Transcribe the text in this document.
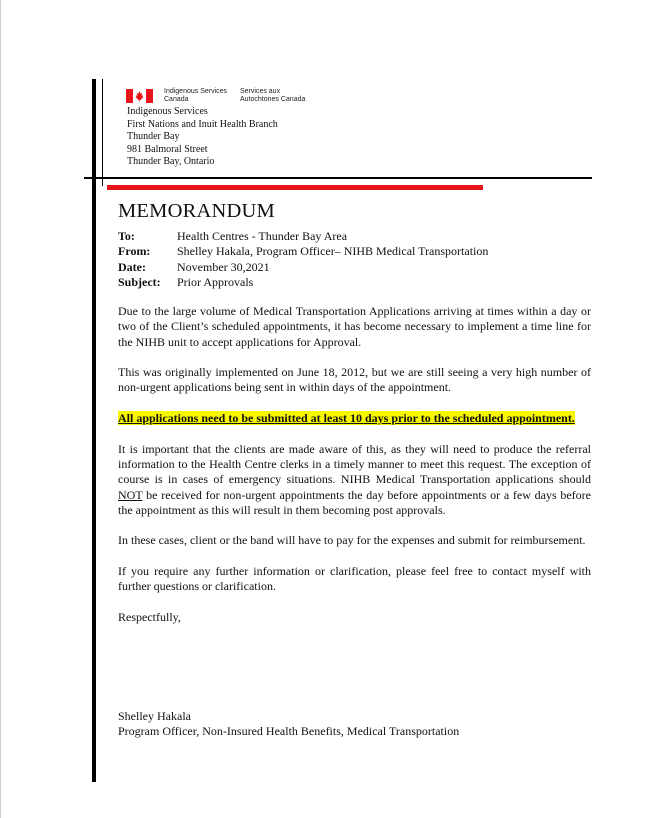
Indigenous Services
Canada
Services aux
Autochtones Canada
Indigenous Services
First Nations and Inuit Health Branch
Thunder Bay
981 Balmoral Street
Thunder Bay, Ontario
MEMORANDUM
To:	Health Centres - Thunder Bay Area
From:	Shelley Hakala, Program Officer– NIHB Medical Transportation
Date:	November 30,2021
Subject:	Prior Approvals

Due to the large volume of Medical Transportation Applications arriving at times within a day or two of the Client’s scheduled appointments, it has become necessary to implement a time line for the NIHB unit to accept applications for Approval.

This was originally implemented on June 18, 2012, but we are still seeing a very high number of non-urgent applications being sent in within days of the appointment.

All applications need to be submitted at least 10 days prior to the scheduled appointment.

It is important that the clients are made aware of this, as they will need to produce the referral information to the Health Centre clerks in a timely manner to meet this request. The exception of course is in cases of emergency situations. NIHB Medical Transportation applications should NOT be received for non-urgent appointments the day before appointments or a few days before the appointment as this will result in them becoming post approvals.

In these cases, client or the band will have to pay for the expenses and submit for reimbursement.

If you require any further information or clarification, please feel free to contact myself with further questions or clarification.

Respectfully,

Shelley Hakala
Program Officer, Non-Insured Health Benefits, Medical Transportation
